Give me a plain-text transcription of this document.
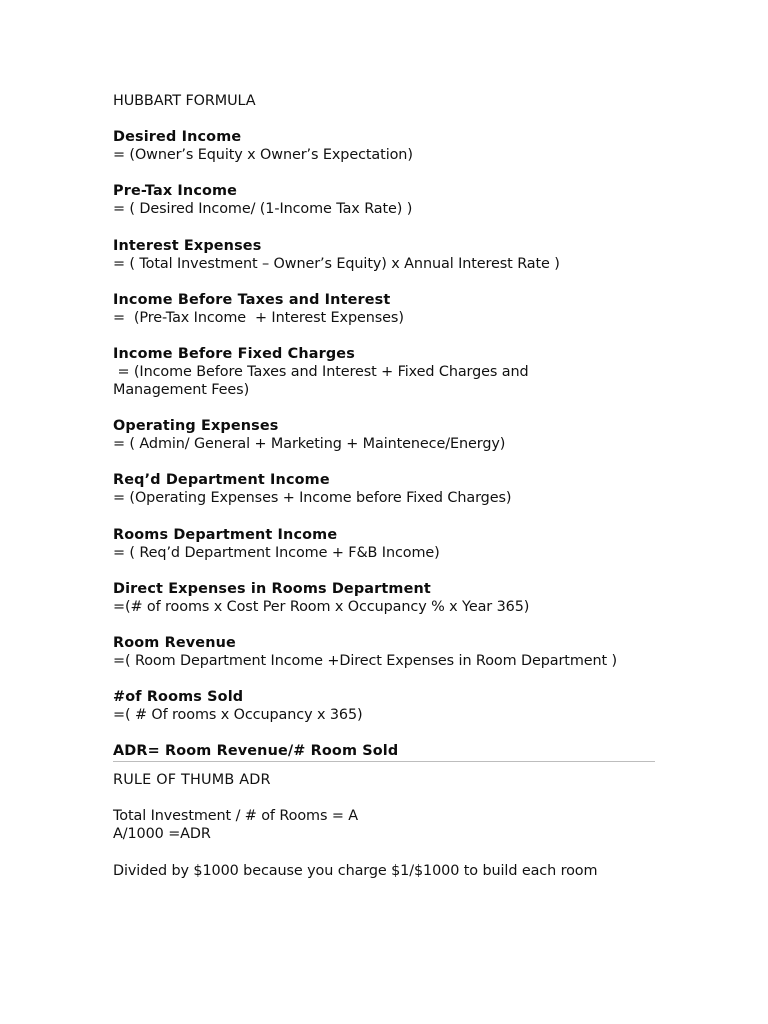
HUBBART FORMULA

Desired Income

= (Owner’s Equity x Owner’s Expectation)

Pre-Tax Income

= ( Desired Income/ (1-Income Tax Rate) )

Interest Expenses

= ( Total Investment – Owner’s Equity) x Annual Interest Rate )

Income Before Taxes and Interest

=  (Pre-Tax Income  + Interest Expenses)

Income Before Fixed Charges

= (Income Before Taxes and Interest + Fixed Charges and

Management Fees)

Operating Expenses

= ( Admin/ General + Marketing + Maintenece/Energy)

Req’d Department Income

= (Operating Expenses + Income before Fixed Charges)

Rooms Department Income

= ( Req’d Department Income + F&B Income)

Direct Expenses in Rooms Department

=(# of rooms x Cost Per Room x Occupancy % x Year 365)

Room Revenue

=( Room Department Income +Direct Expenses in Room Department )

#of Rooms Sold

=( # Of rooms x Occupancy x 365)

ADR= Room Revenue/# Room Sold

RULE OF THUMB ADR

Total Investment / # of Rooms = A

A/1000 =ADR

Divided by $1000 because you charge $1/$1000 to build each room
